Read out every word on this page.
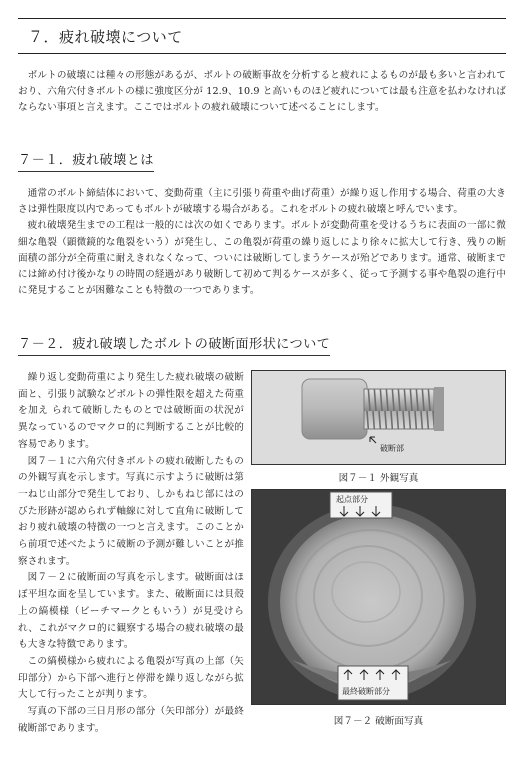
７．疲れ破壊について

ボルトの破壊には種々の形態があるが、ボルトの破断事故を分析すると疲れによるものが最も多いと言われており、六角穴付きボルトの様に強度区分が 12.9、10.9 と高いものほど疲れについては最も注意を払わなければならない事項と言えます。ここではボルトの疲れ破壊について述べることにします。

７－１．疲れ破壊とは

通常のボルト締結体において、変動荷重（主に引張り荷重や曲げ荷重）が繰り返し作用する場合、荷重の大きさは弾性限度以内であってもボルトが破壊する場合がある。これをボルトの疲れ破壊と呼んでいます。

疲れ破壊発生までの工程は一般的には次の如くであります。ボルトが変動荷重を受けるうちに表面の一部に微細な亀裂（顕微鏡的な亀裂をいう）が発生し、この亀裂が荷重の繰り返しにより徐々に拡大して行き、残りの断面積の部分が全荷重に耐えきれなくなって、ついには破断してしまうケースが殆どであります。通常、破断までには締め付け後かなりの時間の経過があり破断して初めて判るケースが多く、従って予測する事や亀裂の進行中に発見することが困難なことも特徴の一つであります。

７－２．疲れ破壊したボルトの破断面形状について

繰り返し変動荷重により発生した疲れ破壊の破断面と、引張り試験などボルトの弾性限を超えた荷重を加え られて破断したものとでは破断面の状況が異なっているのでマクロ的に判断することが比較的容易であります。

図７－１に六角穴付きボルトの疲れ破断したものの外観写真を示します。写真に示すように破断は第一ねじ山部分で発生しており、しかもねじ部にはのびた形跡が認められず軸線に対して直角に破断しており疲れ破壊の特徴の一つと言えます。このことから前項で述べたように破断の予測が難しいことが推察されます。

図７－２に破断面の写真を示します。破断面はほぼ平坦な面を呈しています。また、破断面には貝殻上の縞模様（ビーチマークともいう）が見受けられ、これがマクロ的に観察する場合の疲れ破壊の最も大きな特徴であります。

この縞模様から疲れによる亀裂が写真の上部（矢印部分）から下部へ進行と停滞を繰り返しながら拡大して行ったことが判ります。

写真の下部の三日月形の部分（矢印部分）が最終破断部であります。

破断部
図７－１ 外観写真
起点部分
最終破断部分
図７－２ 破断面写真
